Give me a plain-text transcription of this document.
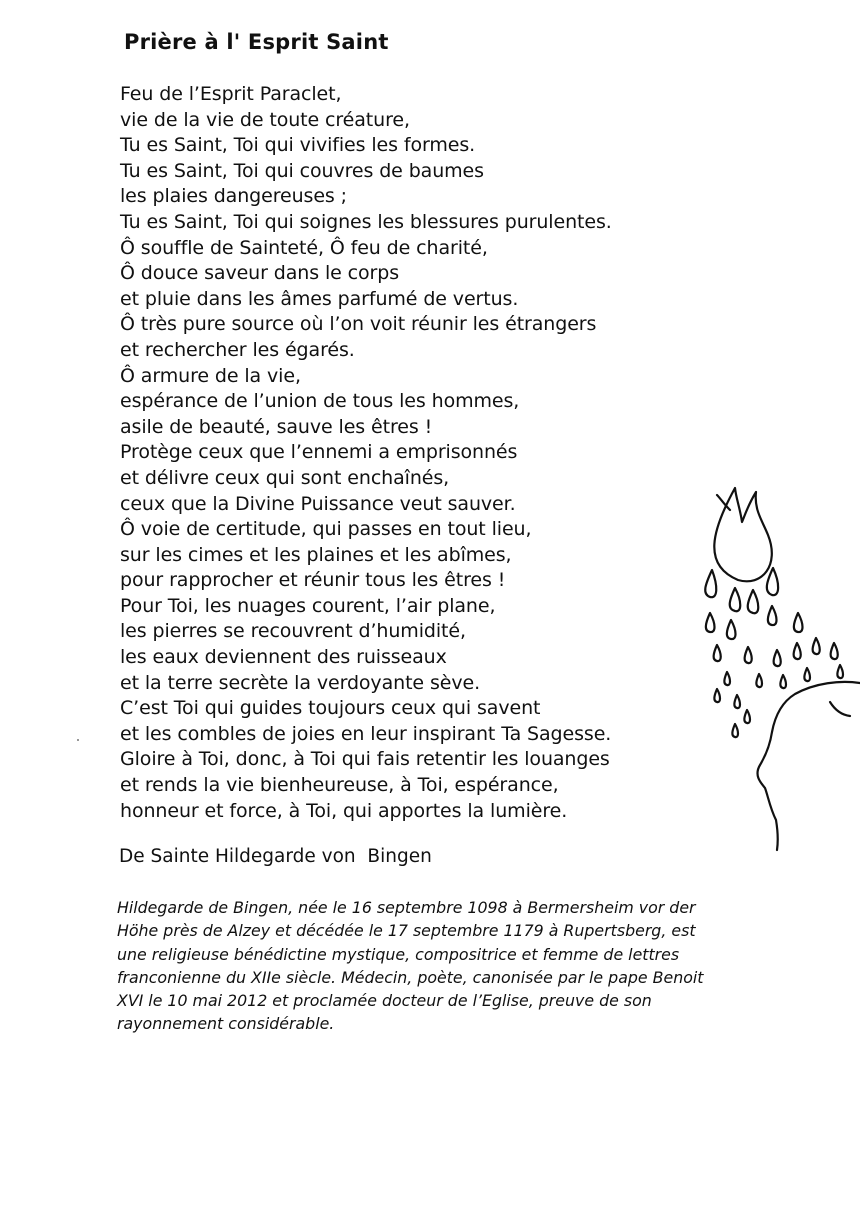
Prière à l' Esprit Saint
Feu de l’Esprit Paraclet,
vie de la vie de toute créature,
Tu es Saint, Toi qui vivifies les formes.
Tu es Saint, Toi qui couvres de baumes
les plaies dangereuses ;
Tu es Saint, Toi qui soignes les blessures purulentes.
Ô souffle de Sainteté, Ô feu de charité,
Ô douce saveur dans le corps
et pluie dans les âmes parfumé de vertus.
Ô très pure source où l’on voit réunir les étrangers
et rechercher les égarés.
Ô armure de la vie,
espérance de l’union de tous les hommes,
asile de beauté, sauve les êtres !
Protège ceux que l’ennemi a emprisonnés
et délivre ceux qui sont enchaînés,
ceux que la Divine Puissance veut sauver.
Ô voie de certitude, qui passes en tout lieu,
sur les cimes et les plaines et les abîmes,
pour rapprocher et réunir tous les êtres !
Pour Toi, les nuages courent, l’air plane,
les pierres se recouvrent d’humidité,
les eaux deviennent des ruisseaux
et la terre secrète la verdoyante sève.
C’est Toi qui guides toujours ceux qui savent
et les combles de joies en leur inspirant Ta Sagesse.
Gloire à Toi, donc, à Toi qui fais retentir les louanges
et rends la vie bienheureuse, à Toi, espérance,
honneur et force, à Toi, qui apportes la lumière.
De Sainte Hildegarde von  Bingen
Hildegarde de Bingen, née le 16 septembre 1098 à Bermersheim vor der
Höhe près de Alzey et décédée le 17 septembre 1179 à Rupertsberg, est
une religieuse bénédictine mystique, compositrice et femme de lettres
franconienne du XIIe siècle. Médecin, poète, canonisée par le pape Benoit
XVI le 10 mai 2012 et proclamée docteur de l’Eglise, preuve de son
rayonnement considérable.
